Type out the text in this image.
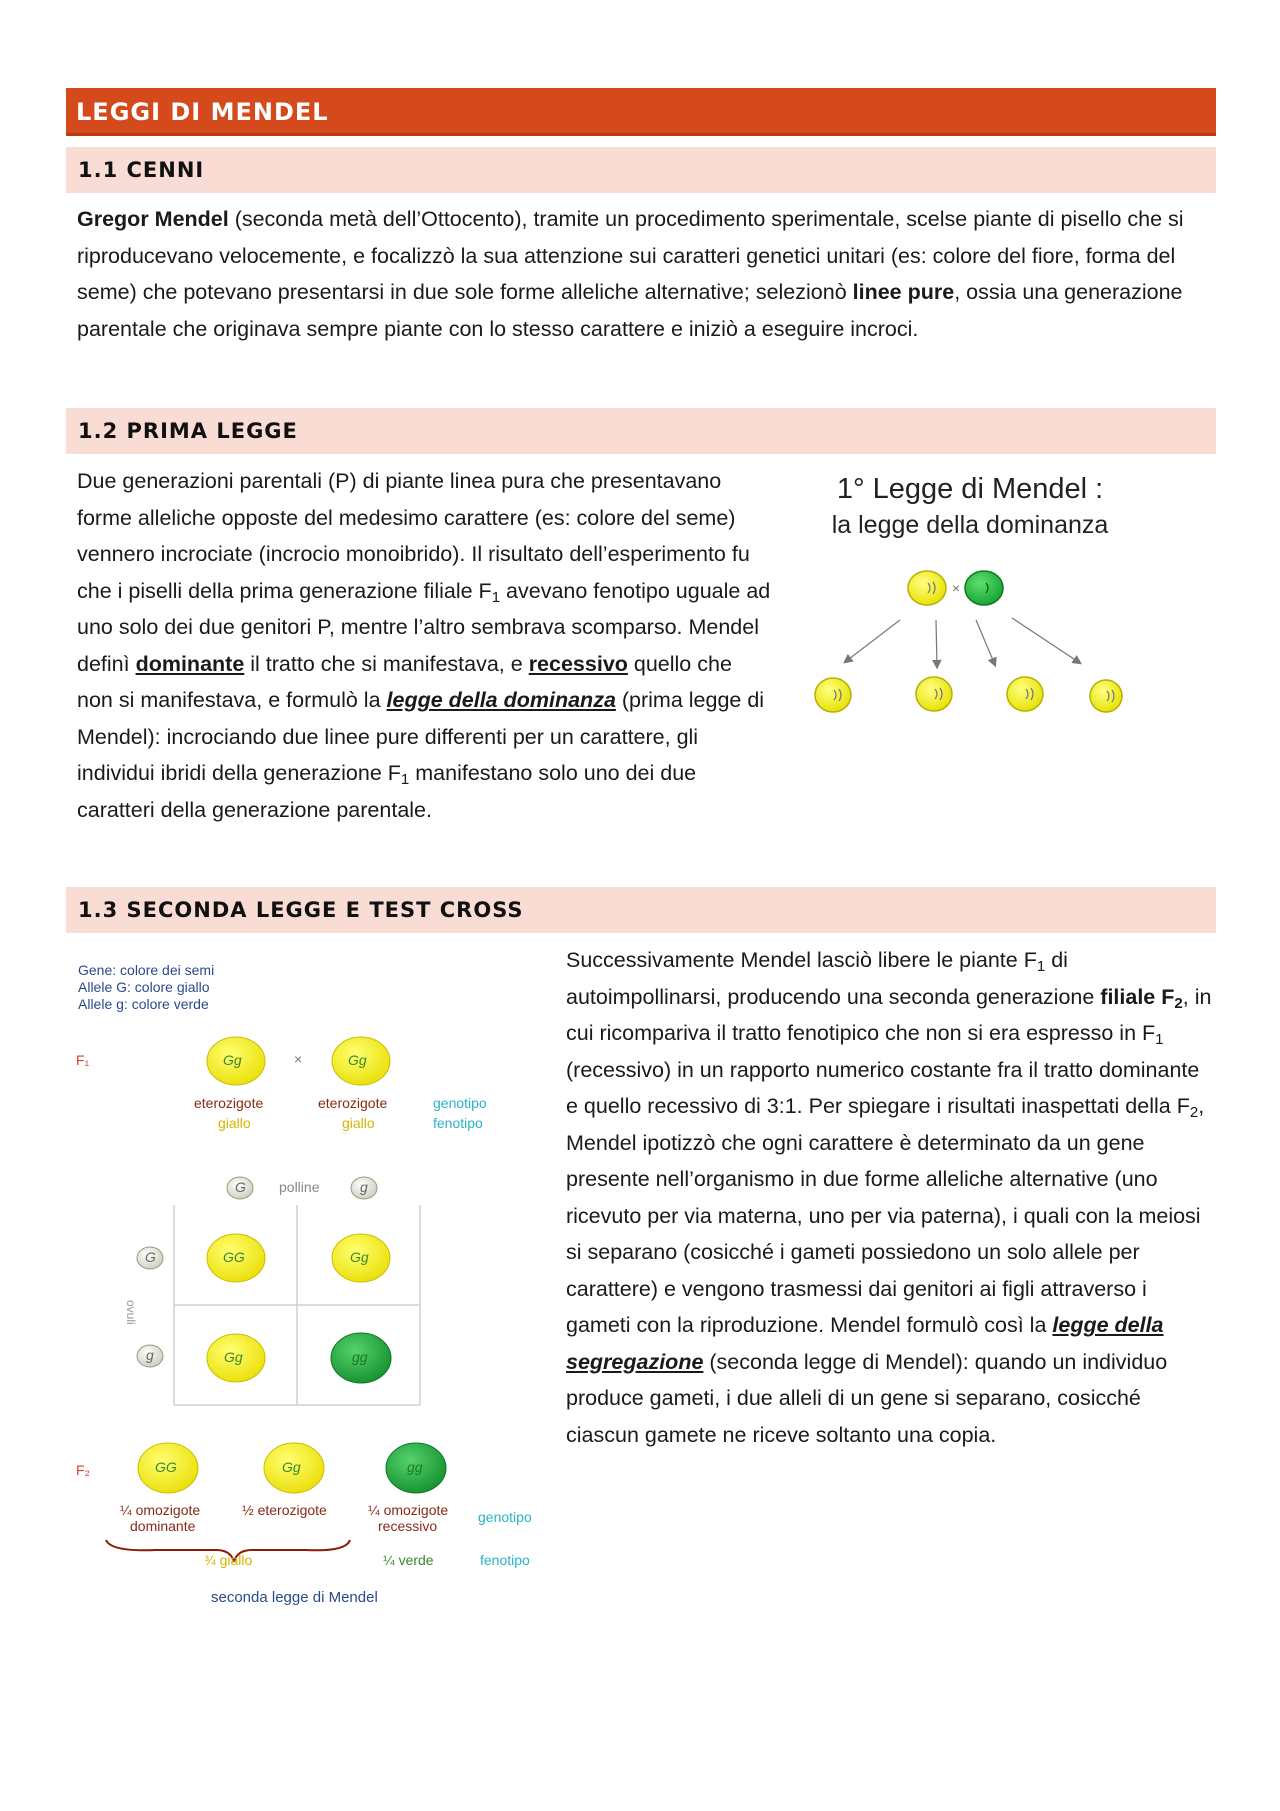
LEGGI DI MENDEL
1.1 CENNI
Gregor Mendel (seconda metà dell’Ottocento), tramite un procedimento sperimentale, scelse piante di pisello che si riproducevano velocemente, e focalizzò la sua attenzione sui caratteri genetici unitari (es: colore del fiore, forma del seme) che potevano presentarsi in due sole forme alleliche alternative; selezionò linee pure, ossia una generazione parentale che originava sempre piante con lo stesso carattere e iniziò a eseguire incroci.
1.2 PRIMA LEGGE
Due generazioni parentali (P) di piante linea pura che presentavano forme alleliche opposte del medesimo carattere (es: colore del seme) vennero incrociate (incrocio monoibrido). Il risultato dell’esperimento fu che i piselli della prima generazione filiale $F_1$ avevano fenotipo uguale ad uno solo dei due genitori P, mentre l’altro sembrava scomparso. Mendel definì dominante il tratto che si manifestava, e recessivo quello che non si manifestava, e formulò la legge della dominanza (prima legge di Mendel): incrociando due linee pure differenti per un carattere, gli individui ibridi della generazione $F_1$ manifestano solo uno dei due caratteri della generazione parentale.
1° Legge di Mendel :
la legge della dominanza
×
1.3 SECONDA LEGGE E TEST CROSS
Successivamente Mendel lasciò libere le piante $F_1$ di autoimpollinarsi, producendo una seconda generazione filiale $F_2$, in cui ricompariva il tratto fenotipico che non si era espresso in $F_1$ (recessivo) in un rapporto numerico costante fra il tratto dominante e quello recessivo di 3:1. Per spiegare i risultati inaspettati della $F_2$, Mendel ipotizzò che ogni carattere è determinato da un gene presente nell’organismo in due forme alleliche alternative (uno ricevuto per via materna, uno per via paterna), i quali con la meiosi si separano (cosicché i gameti possiedono un solo allele per carattere) e vengono trasmessi dai genitori ai figli attraverso i gameti con la riproduzione. Mendel formulò così la legge della segregazione (seconda legge di Mendel): quando un individuo produce gameti, i due alleli di un gene si separano, cosicché ciascun gamete ne riceve soltanto una copia.
Gene: colore dei semi
Allele G: colore giallo
Allele g: colore verde
F₁	×
Gg	Gg
eterozigote	eterozigote	genotipo
giallo	giallo	fenotipo
G polline	g
G
g
ovuli
GG	Gg
Gg	gg
F₂	GG	Gg	gg
¼ omozigote
dominante
½ eterozigote	¼ omozigote
recessivo
genotipo
¾ giallo	¼ verde	fenotipo
seconda legge di Mendel
